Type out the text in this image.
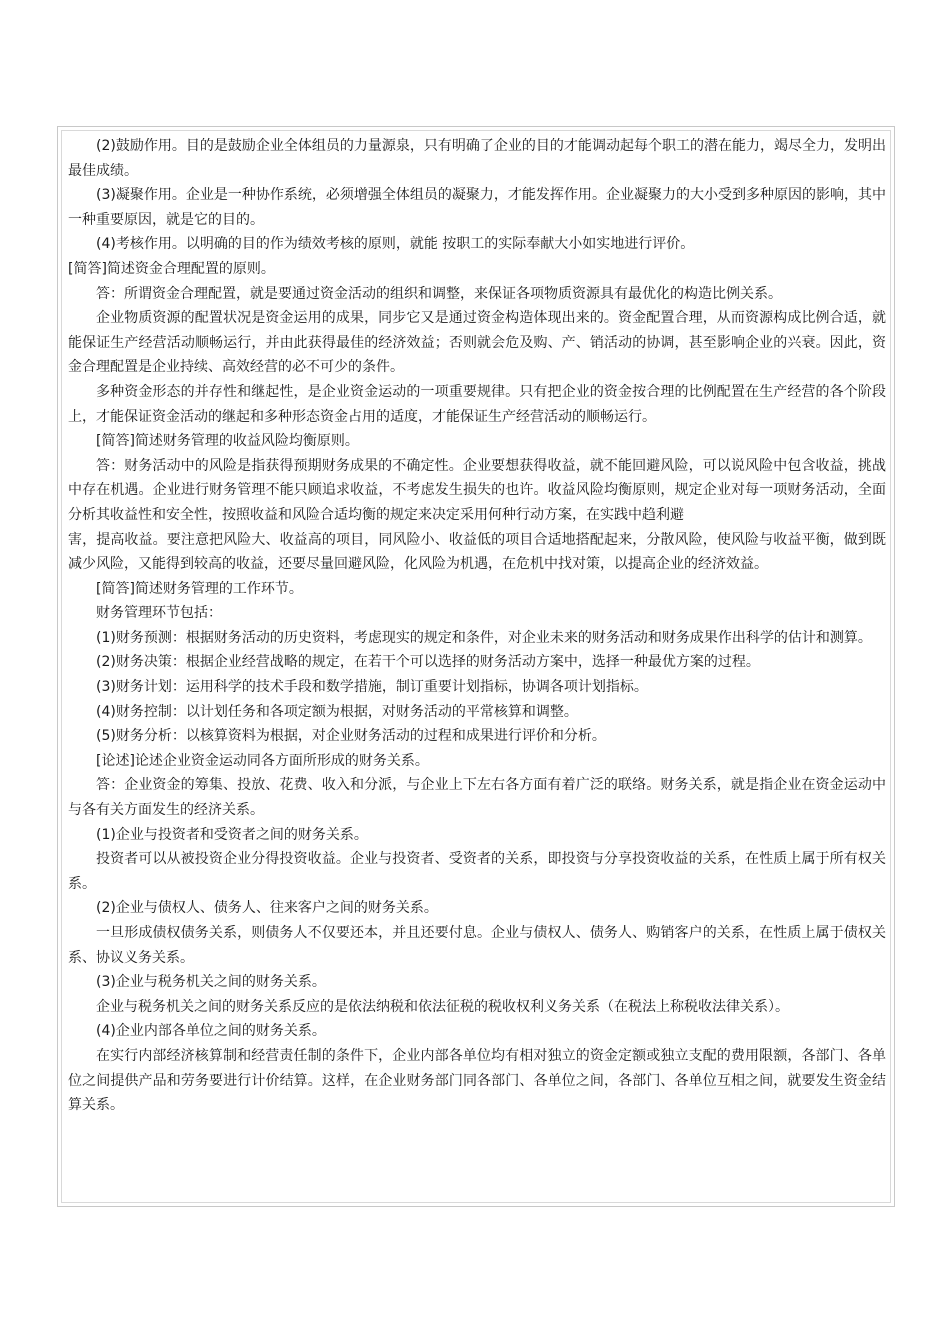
(2)鼓励作用。目的是鼓励企业全体组员的力量源泉，只有明确了企业的目的才能调动起每个职工的潜在能力，竭尽全力，发明出最佳成绩。

(3)凝聚作用。企业是一种协作系统，必须增强全体组员的凝聚力，才能发挥作用。企业凝聚力的大小受到多种原因的影响，其中一种重要原因，就是它的目的。

(4)考核作用。以明确的目的作为绩效考核的原则，就能 按职工的实际奉献大小如实地进行评价。

[简答]简述资金合理配置的原则。

答：所谓资金合理配置，就是要通过资金活动的组织和调整，来保证各项物质资源具有最优化的构造比例关系。

企业物质资源的配置状况是资金运用的成果，同步它又是通过资金构造体现出来的。资金配置合理，从而资源构成比例合适，就能保证生产经营活动顺畅运行，并由此获得最佳的经济效益；否则就会危及购、产、销活动的协调，甚至影响企业的兴衰。因此，资金合理配置是企业持续、高效经营的必不可少的条件。

多种资金形态的并存性和继起性，是企业资金运动的一项重要规律。只有把企业的资金按合理的比例配置在生产经营的各个阶段上，才能保证资金活动的继起和多种形态资金占用的适度，才能保证生产经营活动的顺畅运行。

[简答]简述财务管理的收益风险均衡原则。

答：财务活动中的风险是指获得预期财务成果的不确定性。企业要想获得收益，就不能回避风险，可以说风险中包含收益，挑战中存在机遇。企业进行财务管理不能只顾追求收益，不考虑发生损失的也许。收益风险均衡原则，规定企业对每一项财务活动，全面分析其收益性和安全性，按照收益和风险合适均衡的规定来决定采用何种行动方案，在实践中趋利避

害，提高收益。要注意把风险大、收益高的项目，同风险小、收益低的项目合适地搭配起来，分散风险，使风险与收益平衡，做到既减少风险，又能得到较高的收益，还要尽量回避风险，化风险为机遇，在危机中找对策，以提高企业的经济效益。

[简答]简述财务管理的工作环节。

财务管理环节包括：

(1)财务预测：根据财务活动的历史资料，考虑现实的规定和条件，对企业未来的财务活动和财务成果作出科学的估计和测算。

(2)财务决策：根据企业经营战略的规定，在若干个可以选择的财务活动方案中，选择一种最优方案的过程。

(3)财务计划：运用科学的技术手段和数学措施，制订重要计划指标，协调各项计划指标。

(4)财务控制：以计划任务和各项定额为根据，对财务活动的平常核算和调整。

(5)财务分析：以核算资料为根据，对企业财务活动的过程和成果进行评价和分析。

[论述]论述企业资金运动同各方面所形成的财务关系。

答：企业资金的筹集、投放、花费、收入和分派，与企业上下左右各方面有着广泛的联络。财务关系，就是指企业在资金运动中与各有关方面发生的经济关系。

(1)企业与投资者和受资者之间的财务关系。

投资者可以从被投资企业分得投资收益。企业与投资者、受资者的关系，即投资与分享投资收益的关系，在性质上属于所有权关系。

(2)企业与债权人、债务人、往来客户之间的财务关系。

一旦形成债权债务关系，则债务人不仅要还本，并且还要付息。企业与债权人、债务人、购销客户的关系，在性质上属于债权关系、协议义务关系。

(3)企业与税务机关之间的财务关系。

企业与税务机关之间的财务关系反应的是依法纳税和依法征税的税收权利义务关系（在税法上称税收法律关系）。

(4)企业内部各单位之间的财务关系。

在实行内部经济核算制和经营责任制的条件下，企业内部各单位均有相对独立的资金定额或独立支配的费用限额，各部门、各单位之间提供产品和劳务要进行计价结算。这样，在企业财务部门同各部门、各单位之间，各部门、各单位互相之间，就要发生资金结算关系。
